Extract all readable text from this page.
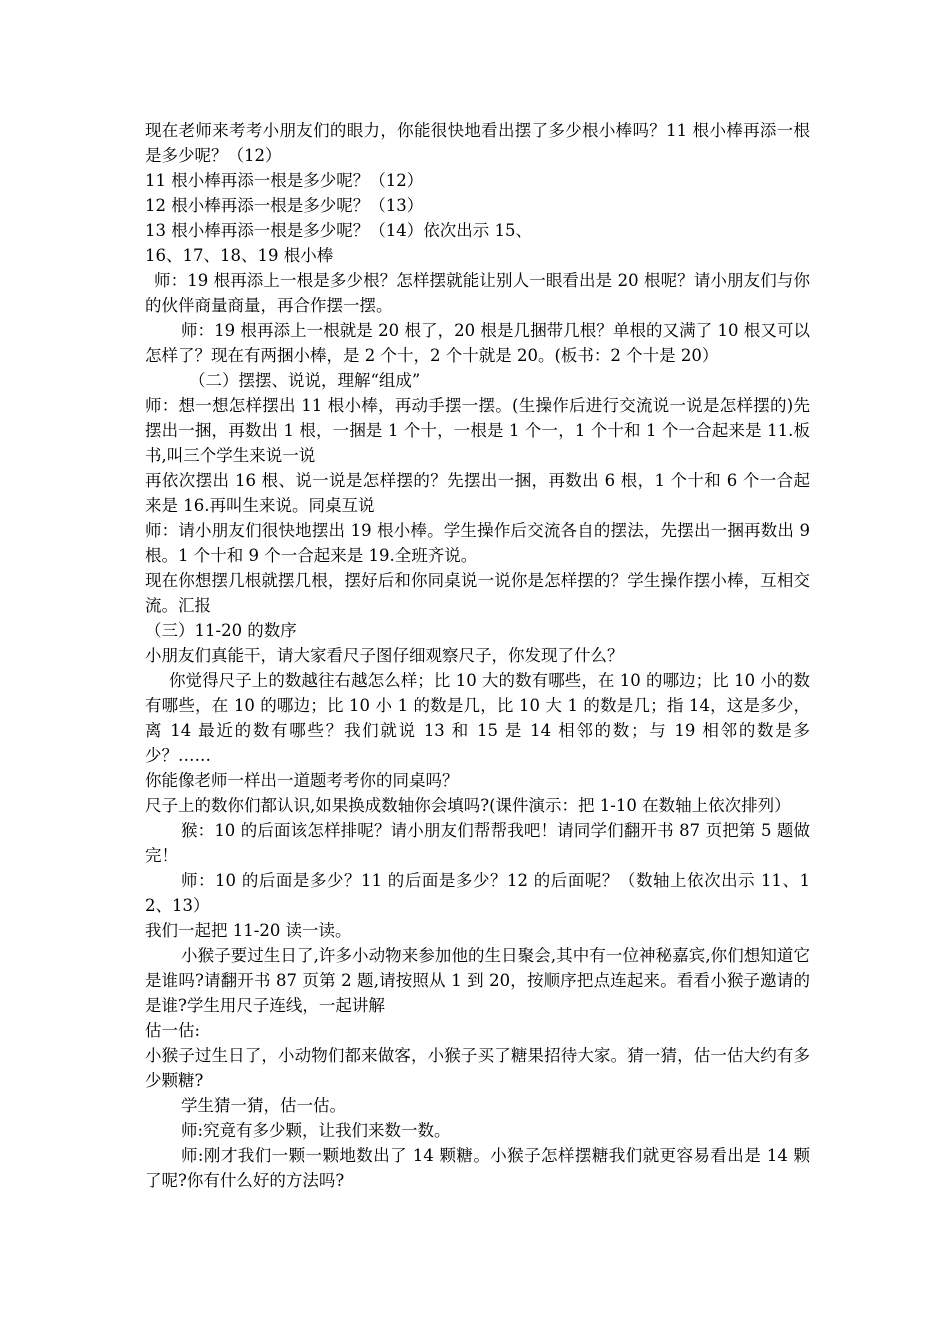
现在老师来考考小朋友们的眼力，你能很快地看出摆了多少根小棒吗？11 根小棒再添一根是多少呢？（12）

11 根小棒再添一根是多少呢？（12）

12 根小棒再添一根是多少呢？（13）

13 根小棒再添一根是多少呢？（14）依次出示 15、

16、17、18、19 根小棒

师：19 根再添上一根是多少根？怎样摆就能让别人一眼看出是 20 根呢？请小朋友们与你的伙伴商量商量，再合作摆一摆。

师：19 根再添上一根就是 20 根了，20 根是几捆带几根？单根的又满了 10 根又可以怎样了？现在有两捆小棒，是 2 个十，2 个十就是 20。(板书：2 个十是 20）

（二）摆摆、说说，理解“组成”

师：想一想怎样摆出 11 根小棒，再动手摆一摆。(生操作后进行交流说一说是怎样摆的)先摆出一捆，再数出 1 根，一捆是 1 个十，一根是 1 个一，1 个十和 1 个一合起来是 11.板书,叫三个学生来说一说

再依次摆出 16 根、说一说是怎样摆的？先摆出一捆，再数出 6 根，1 个十和 6 个一合起来是 16.再叫生来说。同桌互说

师：请小朋友们很快地摆出 19 根小棒。学生操作后交流各自的摆法，先摆出一捆再数出 9 根。1 个十和 9 个一合起来是 19.全班齐说。

现在你想摆几根就摆几根，摆好后和你同桌说一说你是怎样摆的？学生操作摆小棒，互相交流。汇报

（三）11-20 的数序

小朋友们真能干，请大家看尺子图仔细观察尺子，你发现了什么？

你觉得尺子上的数越往右越怎么样；比 10 大的数有哪些，在 10 的哪边；比 10 小的数有哪些，在 10 的哪边；比 10 小 1 的数是几，比 10 大 1 的数是几；指 14，这是多少，离 14 最近的数有哪些？我们就说 13 和 15 是 14 相邻的数；与 19 相邻的数是多少？……

你能像老师一样出一道题考考你的同桌吗？

尺子上的数你们都认识,如果换成数轴你会填吗?(课件演示：把 1-10 在数轴上依次排列）

猴：10 的后面该怎样排呢？请小朋友们帮帮我吧！请同学们翻开书 87 页把第 5 题做完！

师：10 的后面是多少？11 的后面是多少？12 的后面呢？（数轴上依次出示 11、12、13）

我们一起把 11-20 读一读。

小猴子要过生日了,许多小动物来参加他的生日聚会,其中有一位神秘嘉宾,你们想知道它是谁吗?请翻开书 87 页第 2 题,请按照从 1 到 20，按顺序把点连起来。看看小猴子邀请的是谁?学生用尺子连线，一起讲解

估一估:

小猴子过生日了，小动物们都来做客，小猴子买了糖果招待大家。猜一猜，估一估大约有多少颗糖?

学生猜一猜，估一估。

师:究竟有多少颗，让我们来数一数。

师:刚才我们一颗一颗地数出了 14 颗糖。小猴子怎样摆糖我们就更容易看出是 14 颗了呢?你有什么好的方法吗?
